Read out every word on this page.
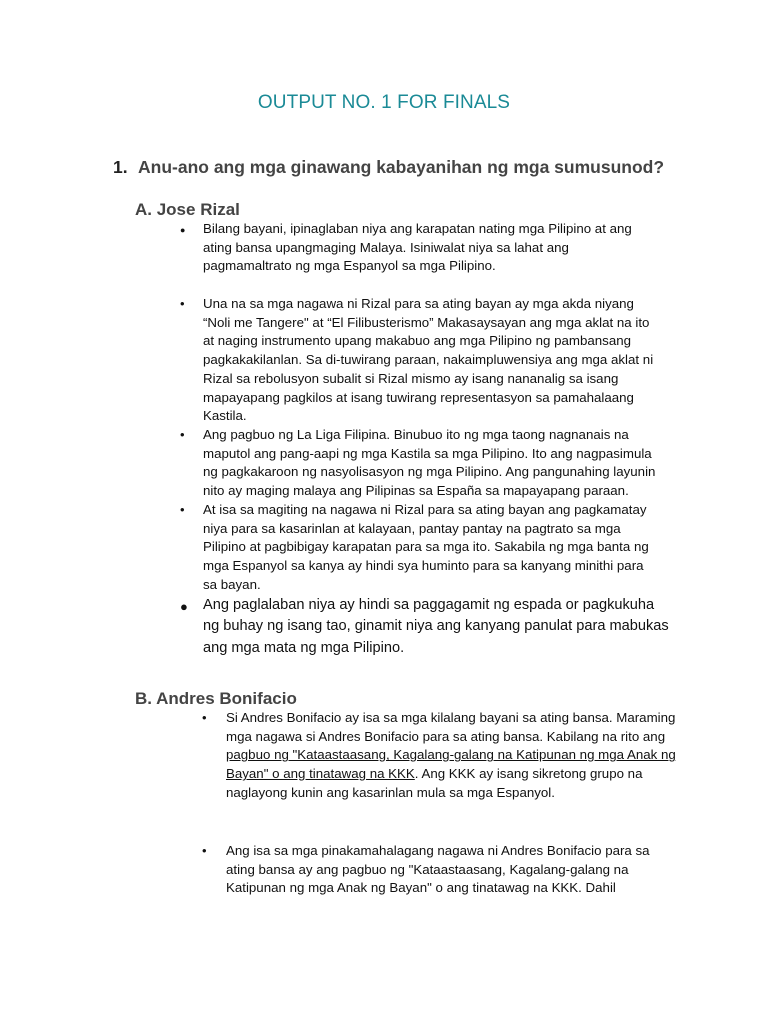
OUTPUT NO. 1 FOR FINALS
1. Anu-ano ang mga ginawang kabayanihan ng mga sumusunod?
A. Jose Rizal
● Bilang bayani, ipinaglaban niya ang karapatan nating mga Pilipino at ang ating bansa upangmaging Malaya. Isiniwalat niya sa lahat ang pagmamaltrato ng mga Espanyol sa mga Pilipino.
• Una na sa mga nagawa ni Rizal para sa ating bayan ay mga akda niyang “Noli me Tangere" at “El Filibusterismo” Makasaysayan ang mga aklat na ito at naging instrumento upang makabuo ang mga Pilipino ng pambansang pagkakakilanlan. Sa di-tuwirang paraan, nakaimpluwensiya ang mga aklat ni Rizal sa rebolusyon subalit si Rizal mismo ay isang nananalig sa isang mapayapang pagkilos at isang tuwirang representasyon sa pamahalaang Kastila.
• Ang pagbuo ng La Liga Filipina. Binubuo ito ng mga taong nagnanais na maputol ang pang-aapi ng mga Kastila sa mga Pilipino. Ito ang nagpasimula ng pagkakaroon ng nasyolisasyon ng mga Pilipino. Ang pangunahing layunin nito ay maging malaya ang Pilipinas sa España sa mapayapang paraan.
• At isa sa magiting na nagawa ni Rizal para sa ating bayan ang pagkamatay niya para sa kasarinlan at kalayaan, pantay pantay na pagtrato sa mga Pilipino at pagbibigay karapatan para sa mga ito. Sakabila ng mga banta ng mga Espanyol sa kanya ay hindi sya huminto para sa kanyang minithi para sa bayan.
● Ang paglalaban niya ay hindi sa paggagamit ng espada or pagkukuha ng buhay ng isang tao, ginamit niya ang kanyang panulat para mabukas ang mga mata ng mga Pilipino.
B. Andres Bonifacio
• Si Andres Bonifacio ay isa sa mga kilalang bayani sa ating bansa. Maraming mga nagawa si Andres Bonifacio para sa ating bansa. Kabilang na rito ang pagbuo ng "Kataastaasang, Kagalang-galang na Katipunan ng mga Anak ng Bayan" o ang tinatawag na KKK. Ang KKK ay isang sikretong grupo na naglayong kunin ang kasarinlan mula sa mga Espanyol.
• Ang isa sa mga pinakamahalagang nagawa ni Andres Bonifacio para sa ating bansa ay ang pagbuo ng "Kataastaasang, Kagalang-galang na Katipunan ng mga Anak ng Bayan" o ang tinatawag na KKK. Dahil
